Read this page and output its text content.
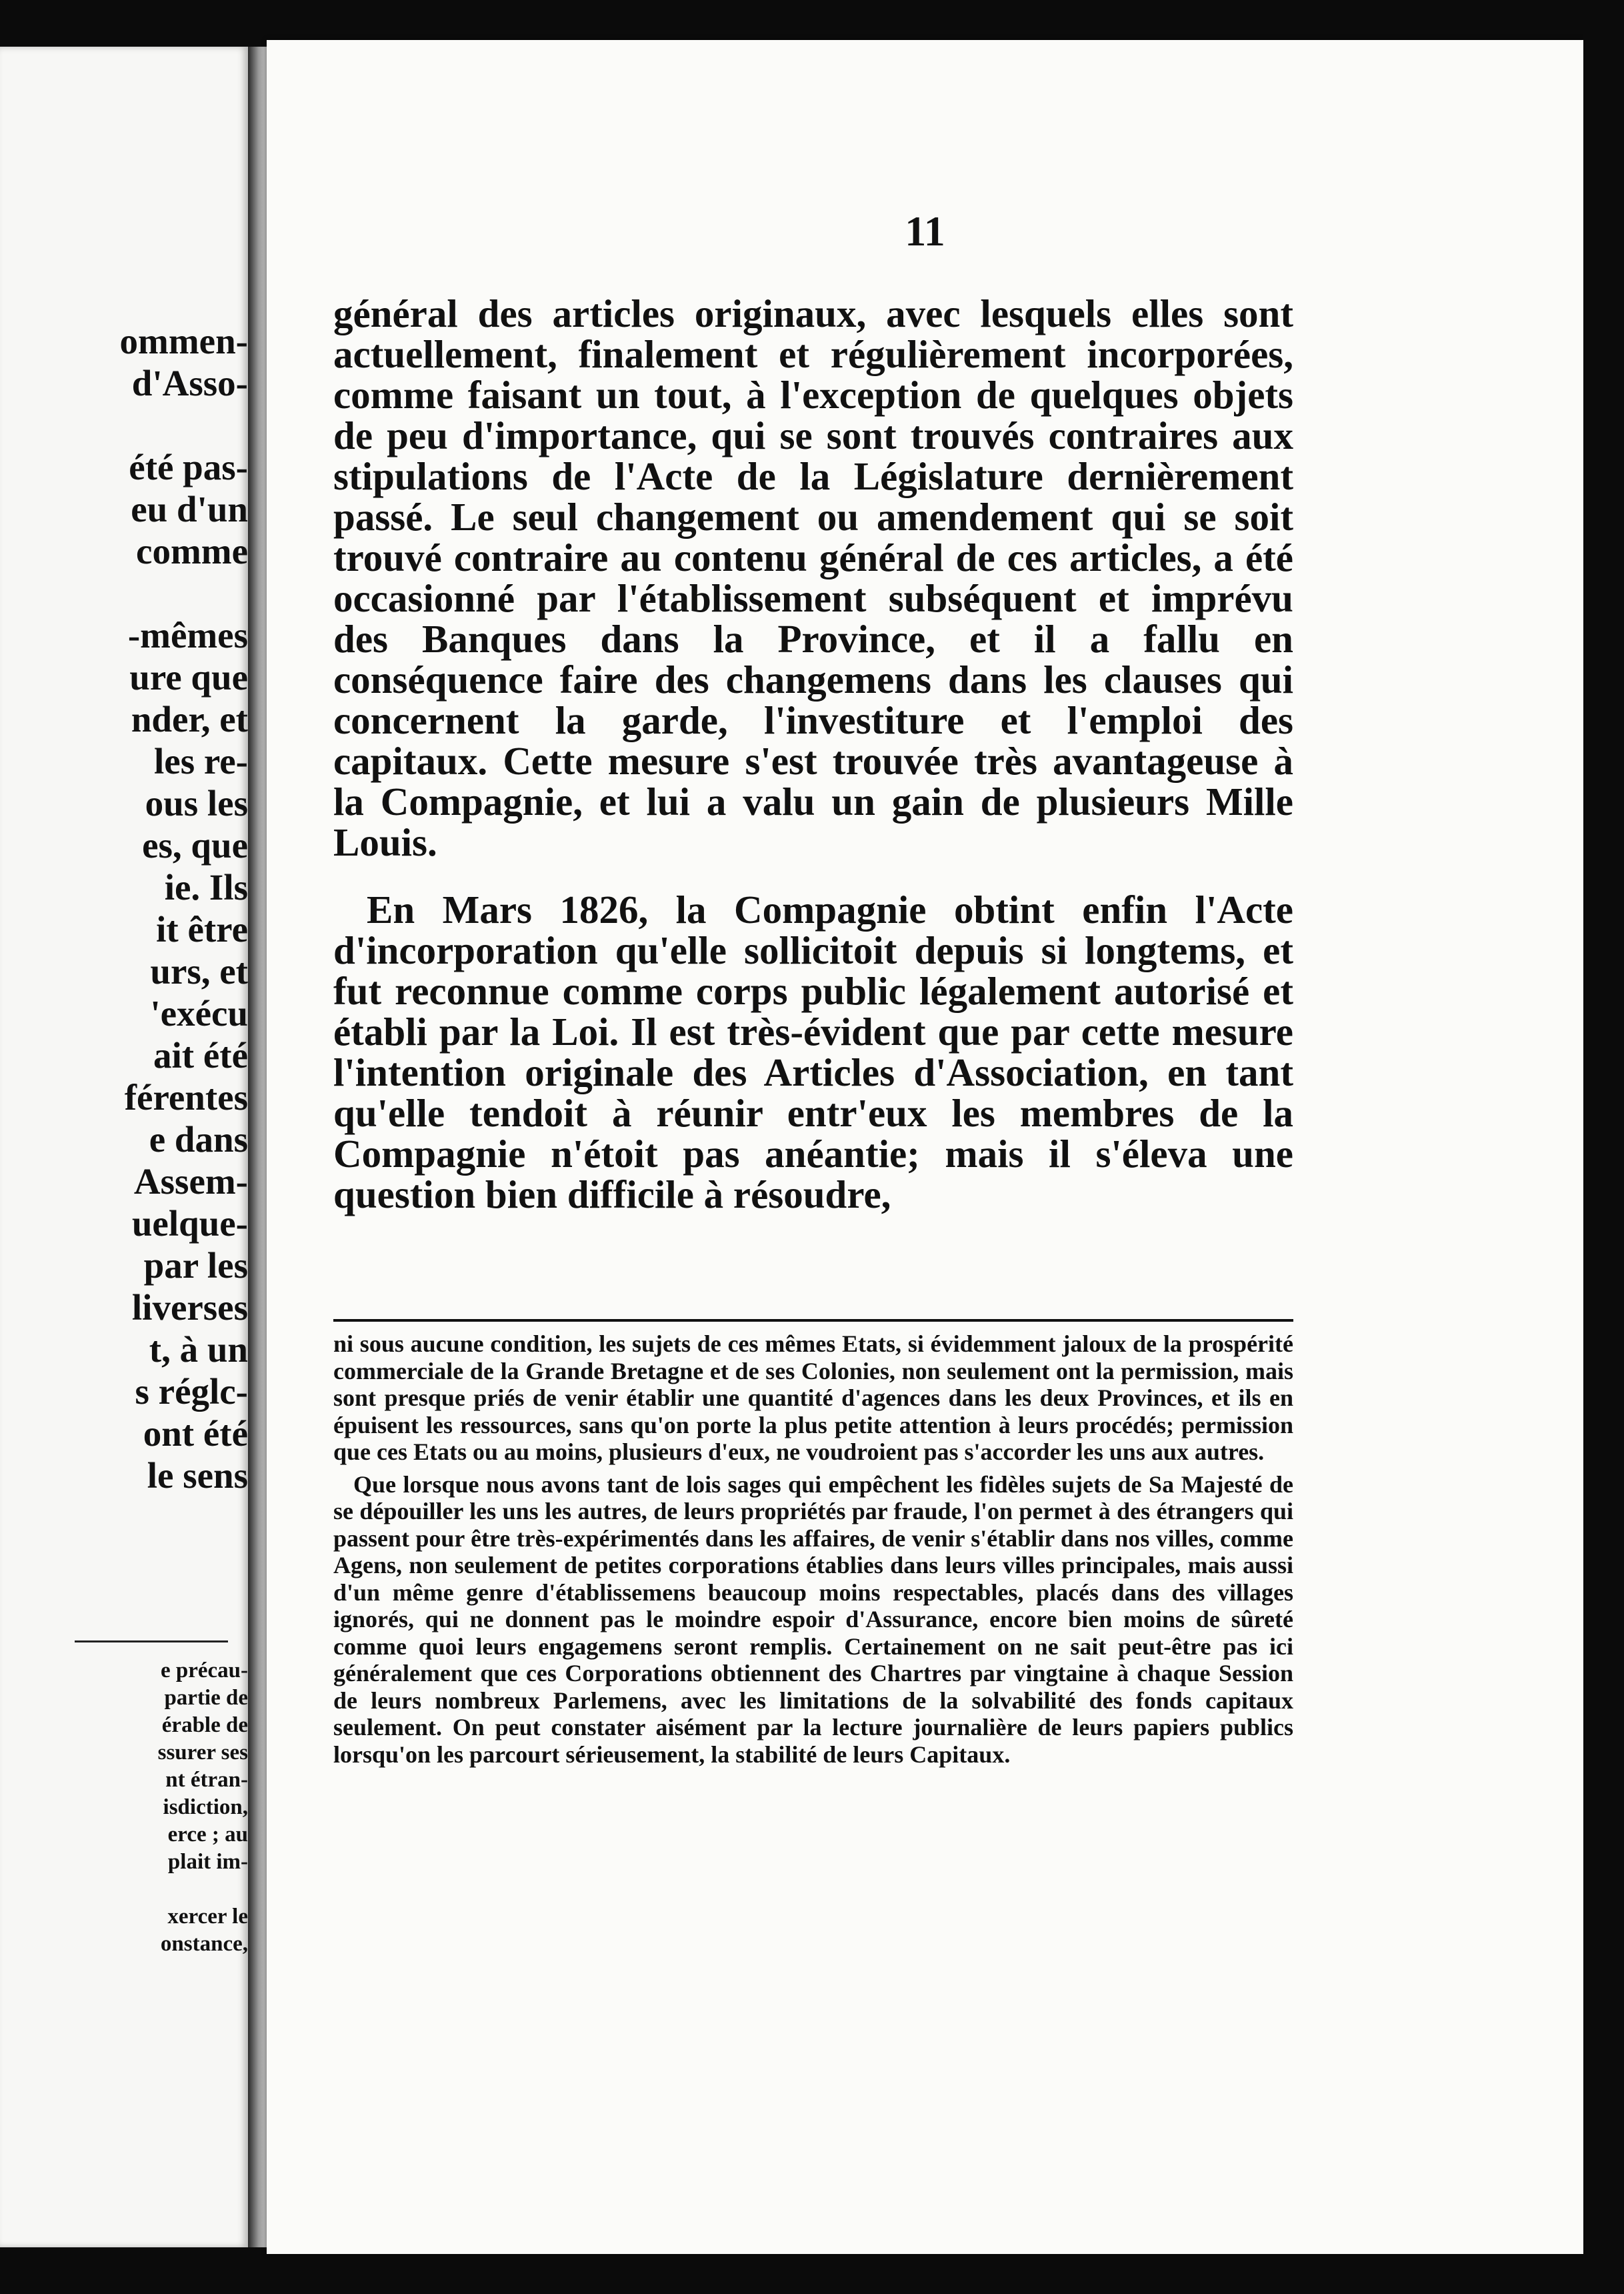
ommen-
d'Asso-

été pas-
eu d'un
comme

-mêmes
ure que
nder, et
les re-
ous les
es, que
ie. Ils
it être
urs, et
'exécu
ait été
férentes
e dans
Assem-
uelque-
par les
liverses
t, à un
s réglc-
ont été
le sens
e précau-
partie de
érable de
ssurer ses
nt étran-
isdiction,
erce ; au
plait im-

xercer le
onstance,
11

général des articles originaux, avec lesquels elles sont actuellement, finalement et régulièrement incorporées, comme faisant un tout, à l'exception de quelques objets de peu d'importance, qui se sont trouvés contraires aux stipulations de l'Acte de la Législature dernièrement passé. Le seul changement ou amendement qui se soit trouvé contraire au contenu général de ces articles, a été occasionné par l'établissement subséquent et imprévu des Banques dans la Province, et il a fallu en conséquence faire des changemens dans les clauses qui concernent la garde, l'investiture et l'emploi des capitaux. Cette mesure s'est trouvée très avantageuse à la Compagnie, et lui a valu un gain de plusieurs Mille Louis.

En Mars 1826, la Compagnie obtint enfin l'Acte d'incorporation qu'elle sollicitoit depuis si longtems, et fut reconnue comme corps public légalement autorisé et établi par la Loi. Il est très-évident que par cette mesure l'intention originale des Articles d'Association, en tant qu'elle tendoit à réunir entr'eux les membres de la Compagnie n'étoit pas anéantie; mais il s'éleva une question bien difficile à résoudre,

ni sous aucune condition, les sujets de ces mêmes Etats, si évidemment jaloux de la prospérité commerciale de la Grande Bretagne et de ses Colonies, non seulement ont la permission, mais sont presque priés de venir établir une quantité d'agences dans les deux Provinces, et ils en épuisent les ressources, sans qu'on porte la plus petite attention à leurs procédés; permission que ces Etats ou au moins, plusieurs d'eux, ne voudroient pas s'accorder les uns aux autres.

Que lorsque nous avons tant de lois sages qui empêchent les fidèles sujets de Sa Majesté de se dépouiller les uns les autres, de leurs propriétés par fraude, l'on permet à des étrangers qui passent pour être très-expérimentés dans les affaires, de venir s'établir dans nos villes, comme Agens, non seulement de petites corporations établies dans leurs villes principales, mais aussi d'un même genre d'établissemens beaucoup moins respectables, placés dans des villages ignorés, qui ne donnent pas le moindre espoir d'Assurance, encore bien moins de sûreté comme quoi leurs engagemens seront remplis. Certainement on ne sait peut-être pas ici généralement que ces Corporations obtiennent des Chartres par vingtaine à chaque Session de leurs nombreux Parlemens, avec les limitations de la solvabilité des fonds capitaux seulement. On peut constater aisément par la lecture journalière de leurs papiers publics lorsqu'on les parcourt sérieusement, la stabilité de leurs Capitaux.
